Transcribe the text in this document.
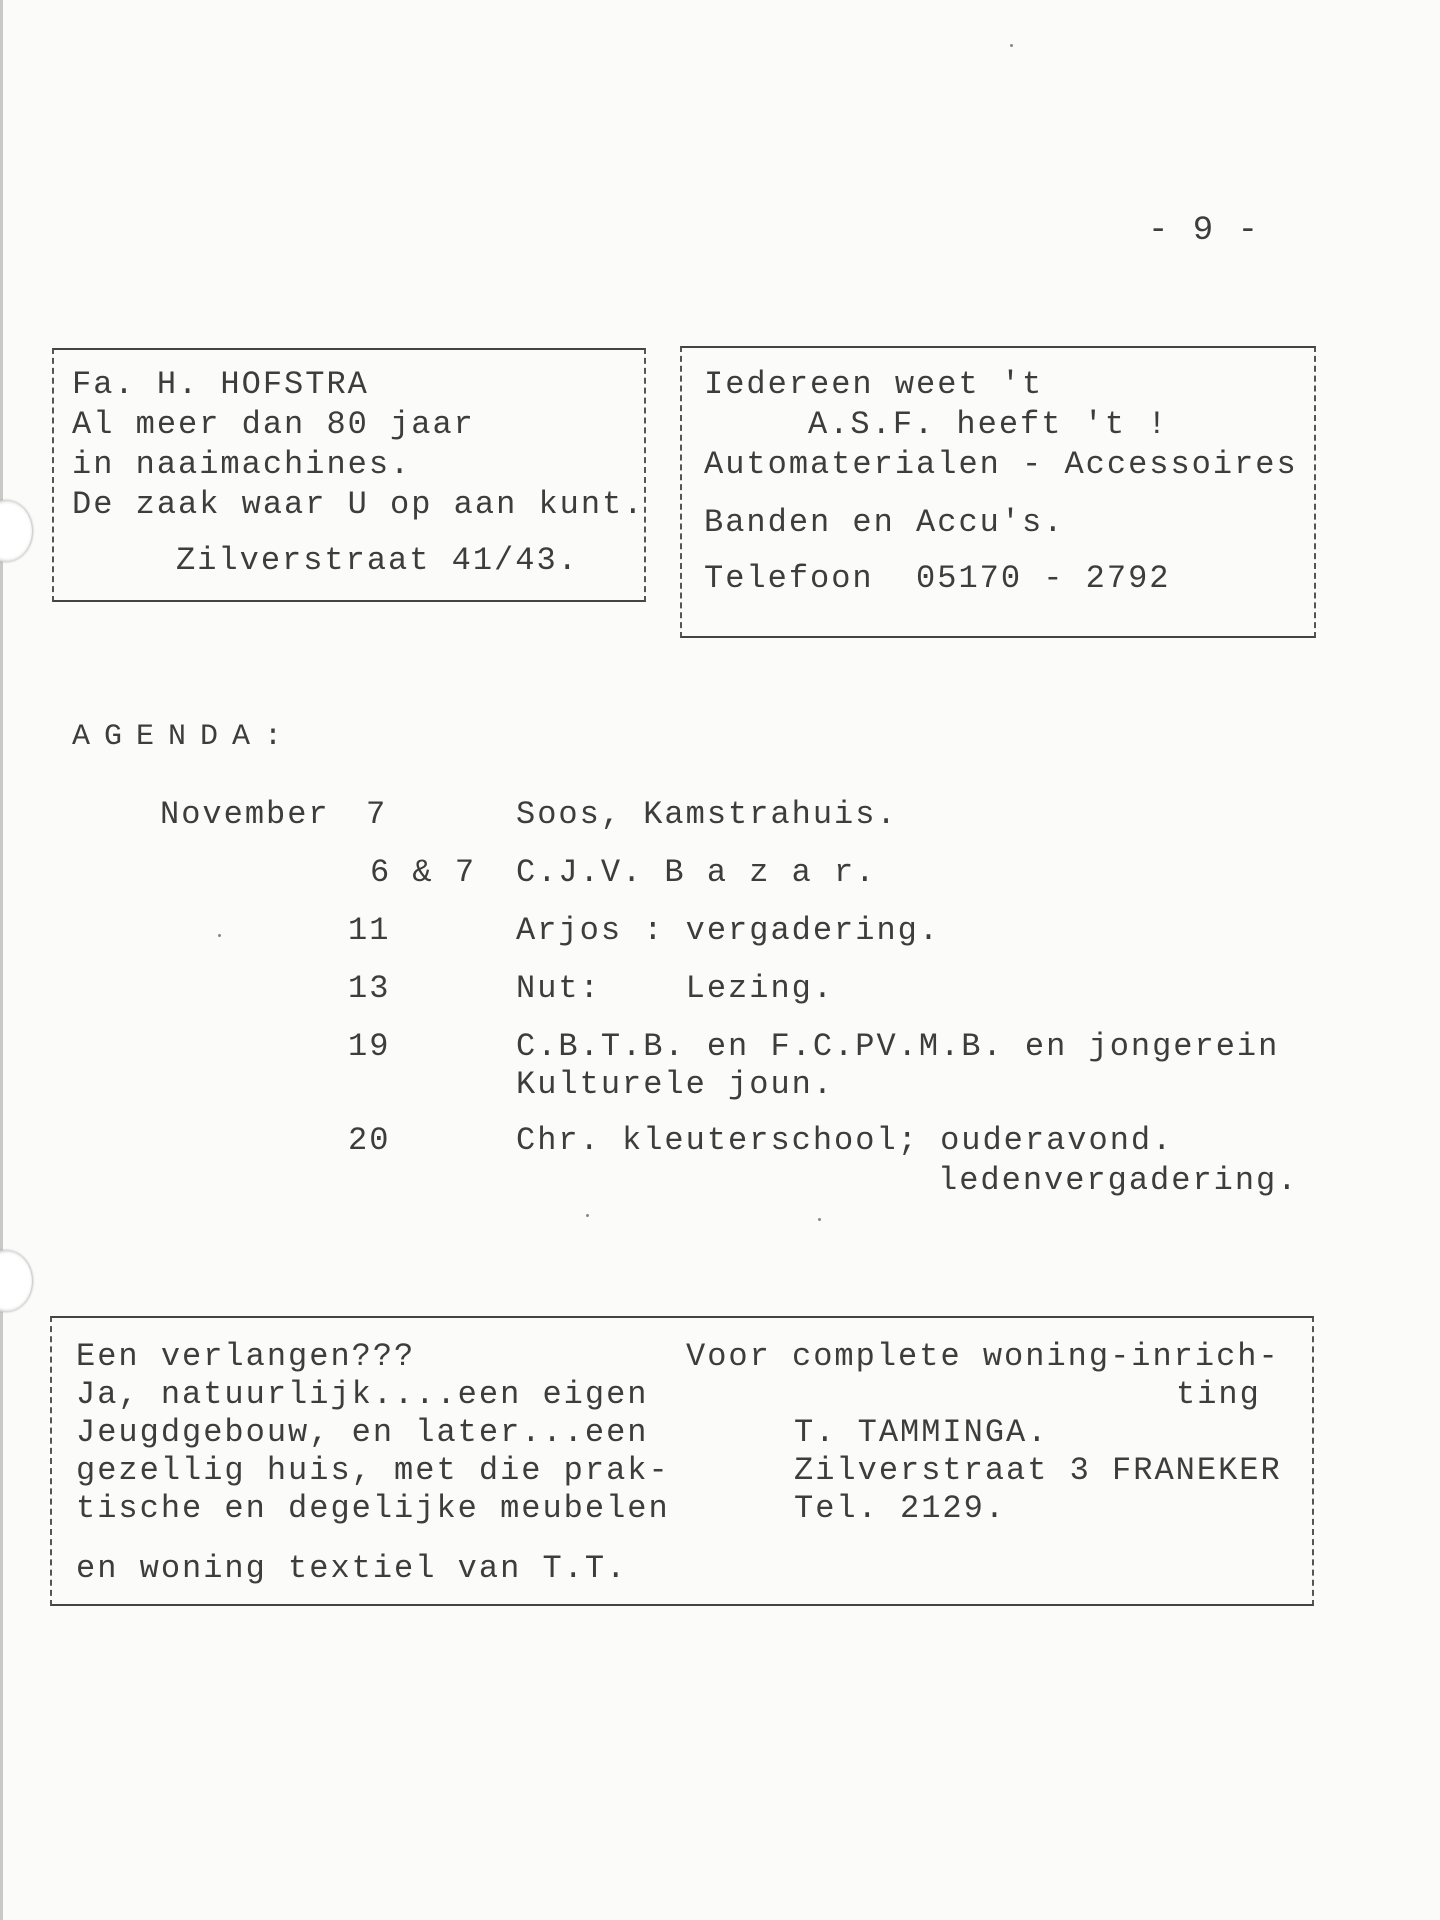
- 9 -
Fa. H. HOFSTRA
Al meer dan 80 jaar
in naaimachines.
De zaak waar U op aan kunt.
Zilverstraat 41/43.
Iedereen weet 't
A.S.F. heeft 't !
Automaterialen - Accessoires
Banden en Accu's.
Telefoon  05170 - 2792
AGENDA:
November 7	Soos, Kamstrahuis.
6 & 7 C.J.V. B a z a r.
11	Arjos : vergadering.
13	Nut:    Lezing.
19	C.B.T.B. en F.C.PV.M.B. en jongerein
Kulturele joun.
20	Chr. kleuterschool; ouderavond.
ledenvergadering.
Een verlangen???
Ja, natuurlijk....een eigen
Jeugdgebouw, en later...een
gezellig huis, met die prak-
tische en degelijke meubelen
en woning textiel van T.T.
Voor complete woning-inrich-
ting
T. TAMMINGA.
Zilverstraat 3 FRANEKER
Tel. 2129.
